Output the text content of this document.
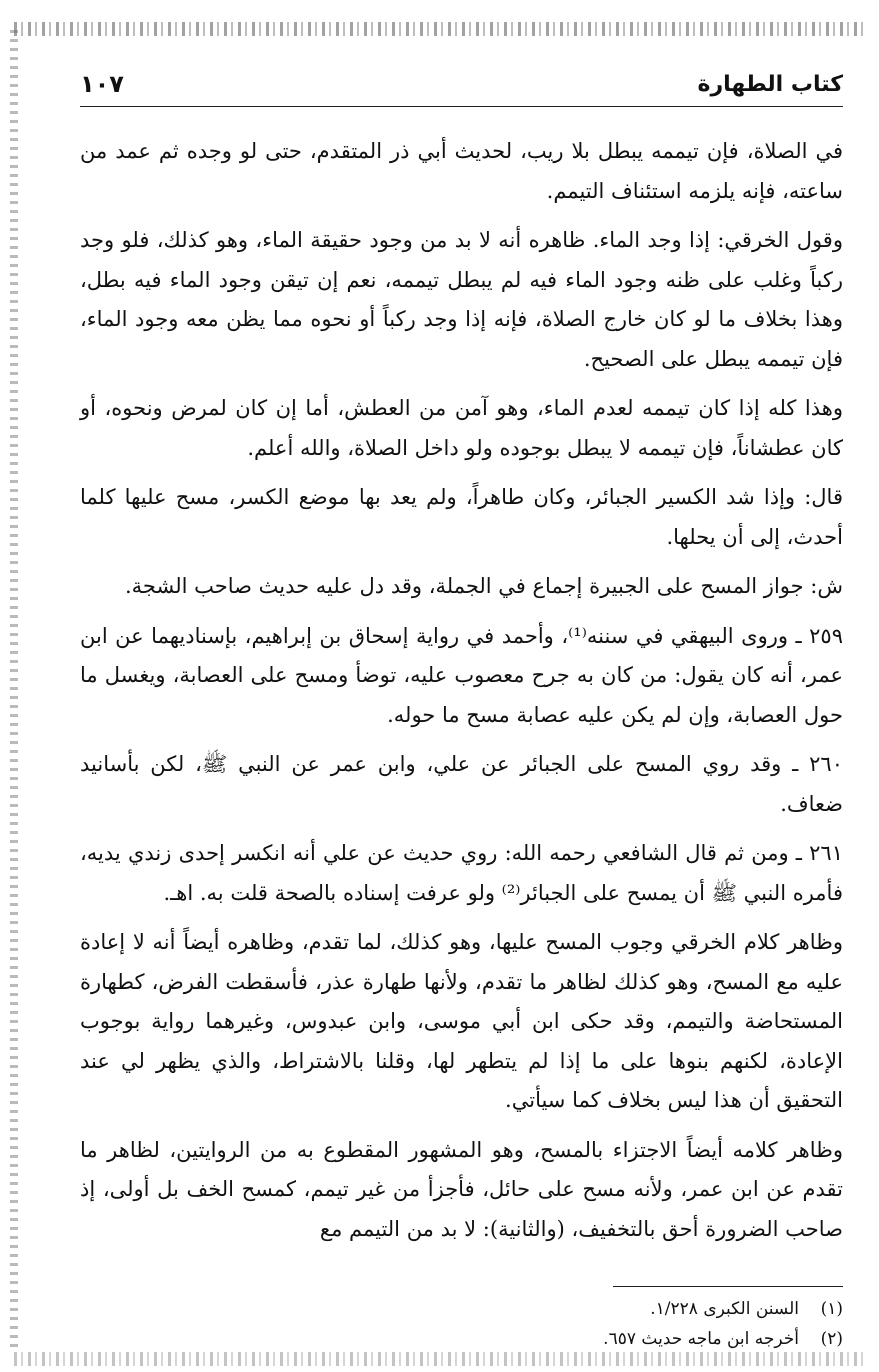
كتاب الطهارة
١٠٧

في الصلاة، فإن تيممه يبطل بلا ريب، لحديث أبي ذر المتقدم، حتى لو وجده ثم عمد من ساعته، فإنه يلزمه استئناف التيمم.

وقول الخرقي: إذا وجد الماء. ظاهره أنه لا بد من وجود حقيقة الماء، وهو كذلك، فلو وجد ركباً وغلب على ظنه وجود الماء فيه لم يبطل تيممه، نعم إن تيقن وجود الماء فيه بطل، وهذا بخلاف ما لو كان خارج الصلاة، فإنه إذا وجد ركباً أو نحوه مما يظن معه وجود الماء، فإن تيممه يبطل على الصحيح.

وهذا كله إذا كان تيممه لعدم الماء، وهو آمن من العطش، أما إن كان لمرض ونحوه، أو كان عطشاناً، فإن تيممه لا يبطل بوجوده ولو داخل الصلاة، والله أعلم.

قال: وإذا شد الكسير الجبائر، وكان طاهراً، ولم يعد بها موضع الكسر، مسح عليها كلما أحدث، إلى أن يحلها.

ش: جواز المسح على الجبيرة إجماع في الجملة، وقد دل عليه حديث صاحب الشجة.

٢٥٩ ـ وروى البيهقي في سننه⁽¹⁾، وأحمد في رواية إسحاق بن إبراهيم، بإسناديهما عن ابن عمر، أنه كان يقول: من كان به جرح معصوب عليه، توضأ ومسح على العصابة، ويغسل ما حول العصابة، وإن لم يكن عليه عصابة مسح ما حوله.

٢٦٠ ـ وقد روي المسح على الجبائر عن علي، وابن عمر عن النبي ﷺ، لكن بأسانيد ضعاف.

٢٦١ ـ ومن ثم قال الشافعي رحمه الله: روي حديث عن علي أنه انكسر إحدى زندي يديه، فأمره النبي ﷺ أن يمسح على الجبائر⁽²⁾ ولو عرفت إسناده بالصحة قلت به. اهـ.

وظاهر كلام الخرقي وجوب المسح عليها، وهو كذلك، لما تقدم، وظاهره أيضاً أنه لا إعادة عليه مع المسح، وهو كذلك لظاهر ما تقدم، ولأنها طهارة عذر، فأسقطت الفرض، كطهارة المستحاضة والتيمم، وقد حكى ابن أبي موسى، وابن عبدوس، وغيرهما رواية بوجوب الإعادة، لكنهم بنوها على ما إذا لم يتطهر لها، وقلنا بالاشتراط، والذي يظهر لي عند التحقيق أن هذا ليس بخلاف كما سيأتي.

وظاهر كلامه أيضاً الاجتزاء بالمسح، وهو المشهور المقطوع به من الروايتين، لظاهر ما تقدم عن ابن عمر، ولأنه مسح على حائل، فأجزأ من غير تيمم، كمسح الخف بل أولى، إذ صاحب الضرورة أحق بالتخفيف، (والثانية): لا بد من التيمم مع

(١)
السنن الكبرى ١/٢٢٨.
(٢)
أخرجه ابن ماجه حديث ٦٥٧.
